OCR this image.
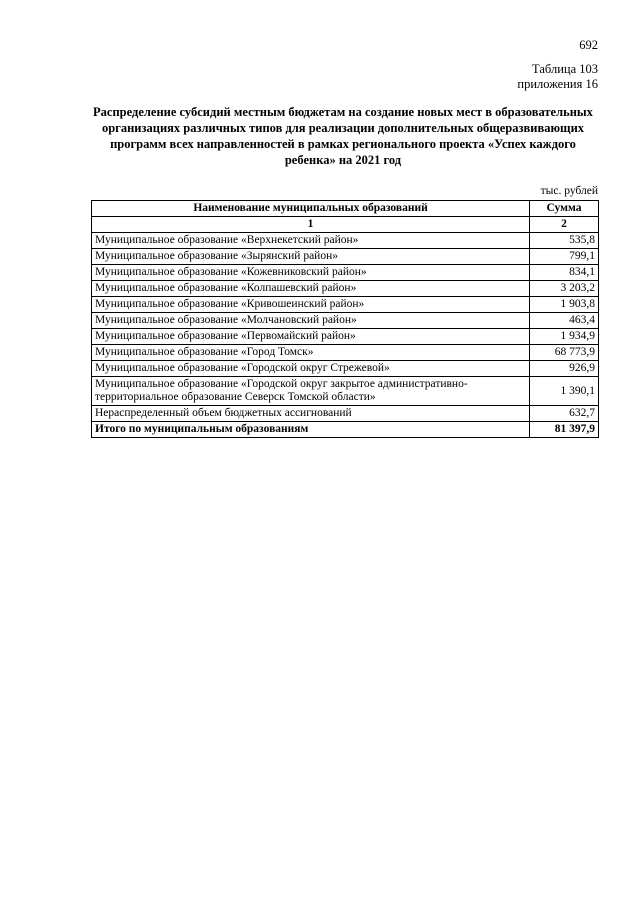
692

Таблица 103
приложения 16

Распределение субсидий местным бюджетам на создание новых мест в образовательных организациях различных типов для реализации дополнительных общеразвивающих программ всех направленностей в рамках регионального проекта «Успех каждого ребенка» на 2021 год

тыс. рублей

Наименование муниципальных образований	Сумма
1	2
Муниципальное образование «Верхнекетский район»	535,8
Муниципальное образование «Зырянский район»	799,1
Муниципальное образование «Кожевниковский район»	834,1
Муниципальное образование «Колпашевский район»	3 203,2
Муниципальное образование «Кривошеинский район»	1 903,8
Муниципальное образование «Молчановский район»	463,4
Муниципальное образование «Первомайский район»	1 934,9
Муниципальное образование «Город Томск»	68 773,9
Муниципальное образование «Городской округ Стрежевой»	926,9
Муниципальное образование «Городской округ закрытое административно-территориальное образование Северск Томской области»	1 390,1
Нераспределенный объем бюджетных ассигнований	632,7
Итого по муниципальным образованиям	81 397,9
